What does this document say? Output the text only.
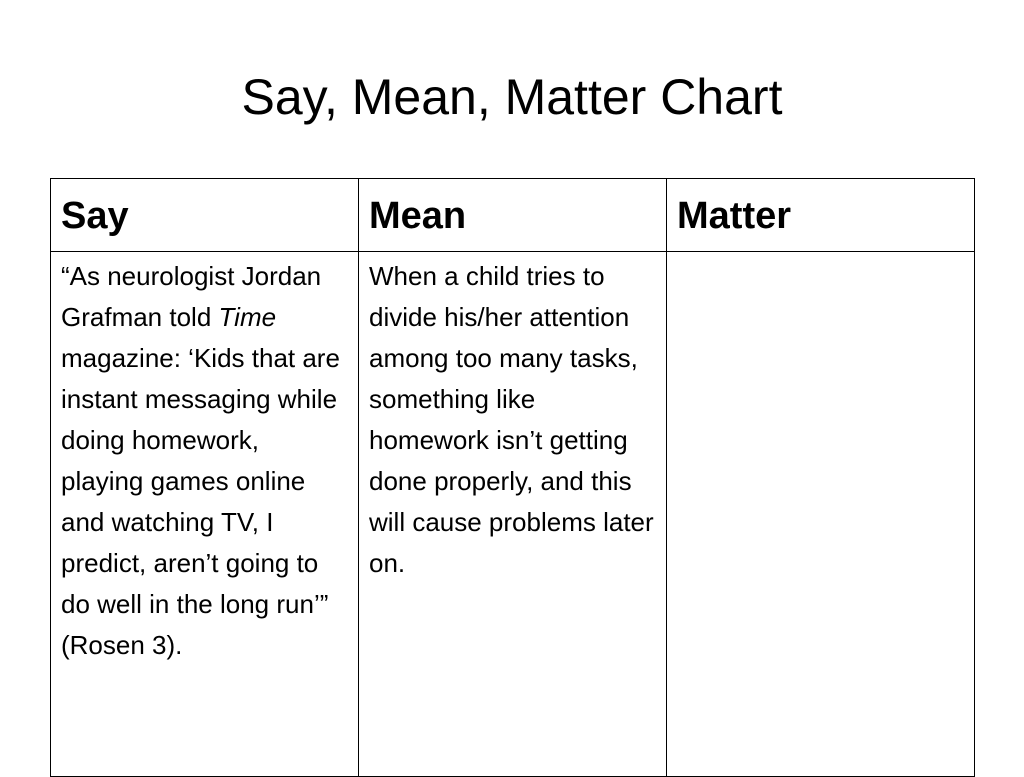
Say, Mean, Matter Chart
Say	Mean	Matter
“As neurologist Jordan Grafman told Time magazine: ‘Kids that are instant messaging while doing homework, playing games online and watching TV, I predict, aren’t going to do well in the long run’” (Rosen 3).	When a child tries to divide his/her attention among too many tasks, something like homework isn’t getting done properly, and this will cause problems later on.	
